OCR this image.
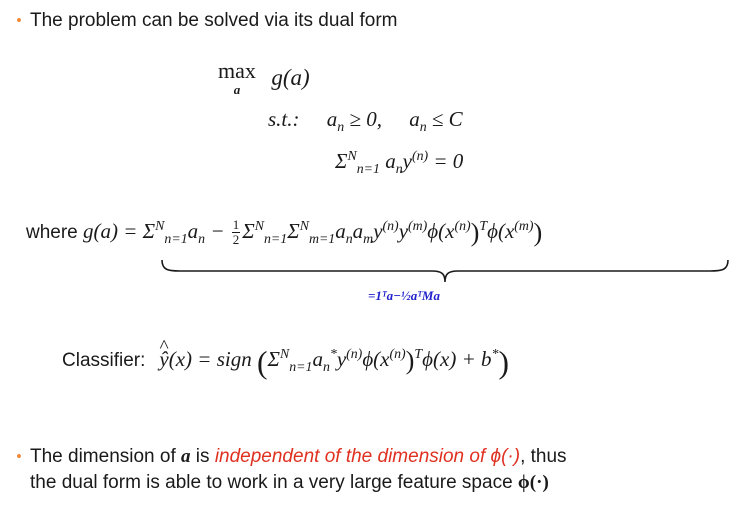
• The problem can be solved via its dual form
max
a	g(a)
s.t.: $a_n \ge 0$, $a_n \le C$
$\Sigma^N_{n=1}$ $a_ny^{(n)} = 0$
where $g(a) = \Sigma^N_{n=1}a_n - \frac{1}{2} \Sigma^N_{n=1}\Sigma^N_{m=1}a_na_my^{(n)}y^{(m)}\phi(x^{(n)})^T\phi(x^{(m)})$
=1ᵀa−½aᵀMa
Classifier: ŷ ^(x) = sign $(\Sigma^N_{n=1}a_n^*y^{(n)}\phi(x^{(n)})^T\phi(x) + b^*)$
• The dimension of a is independent of the dimension of ϕ(·), thus
the dual form is able to work in a very large feature space ϕ(·)
